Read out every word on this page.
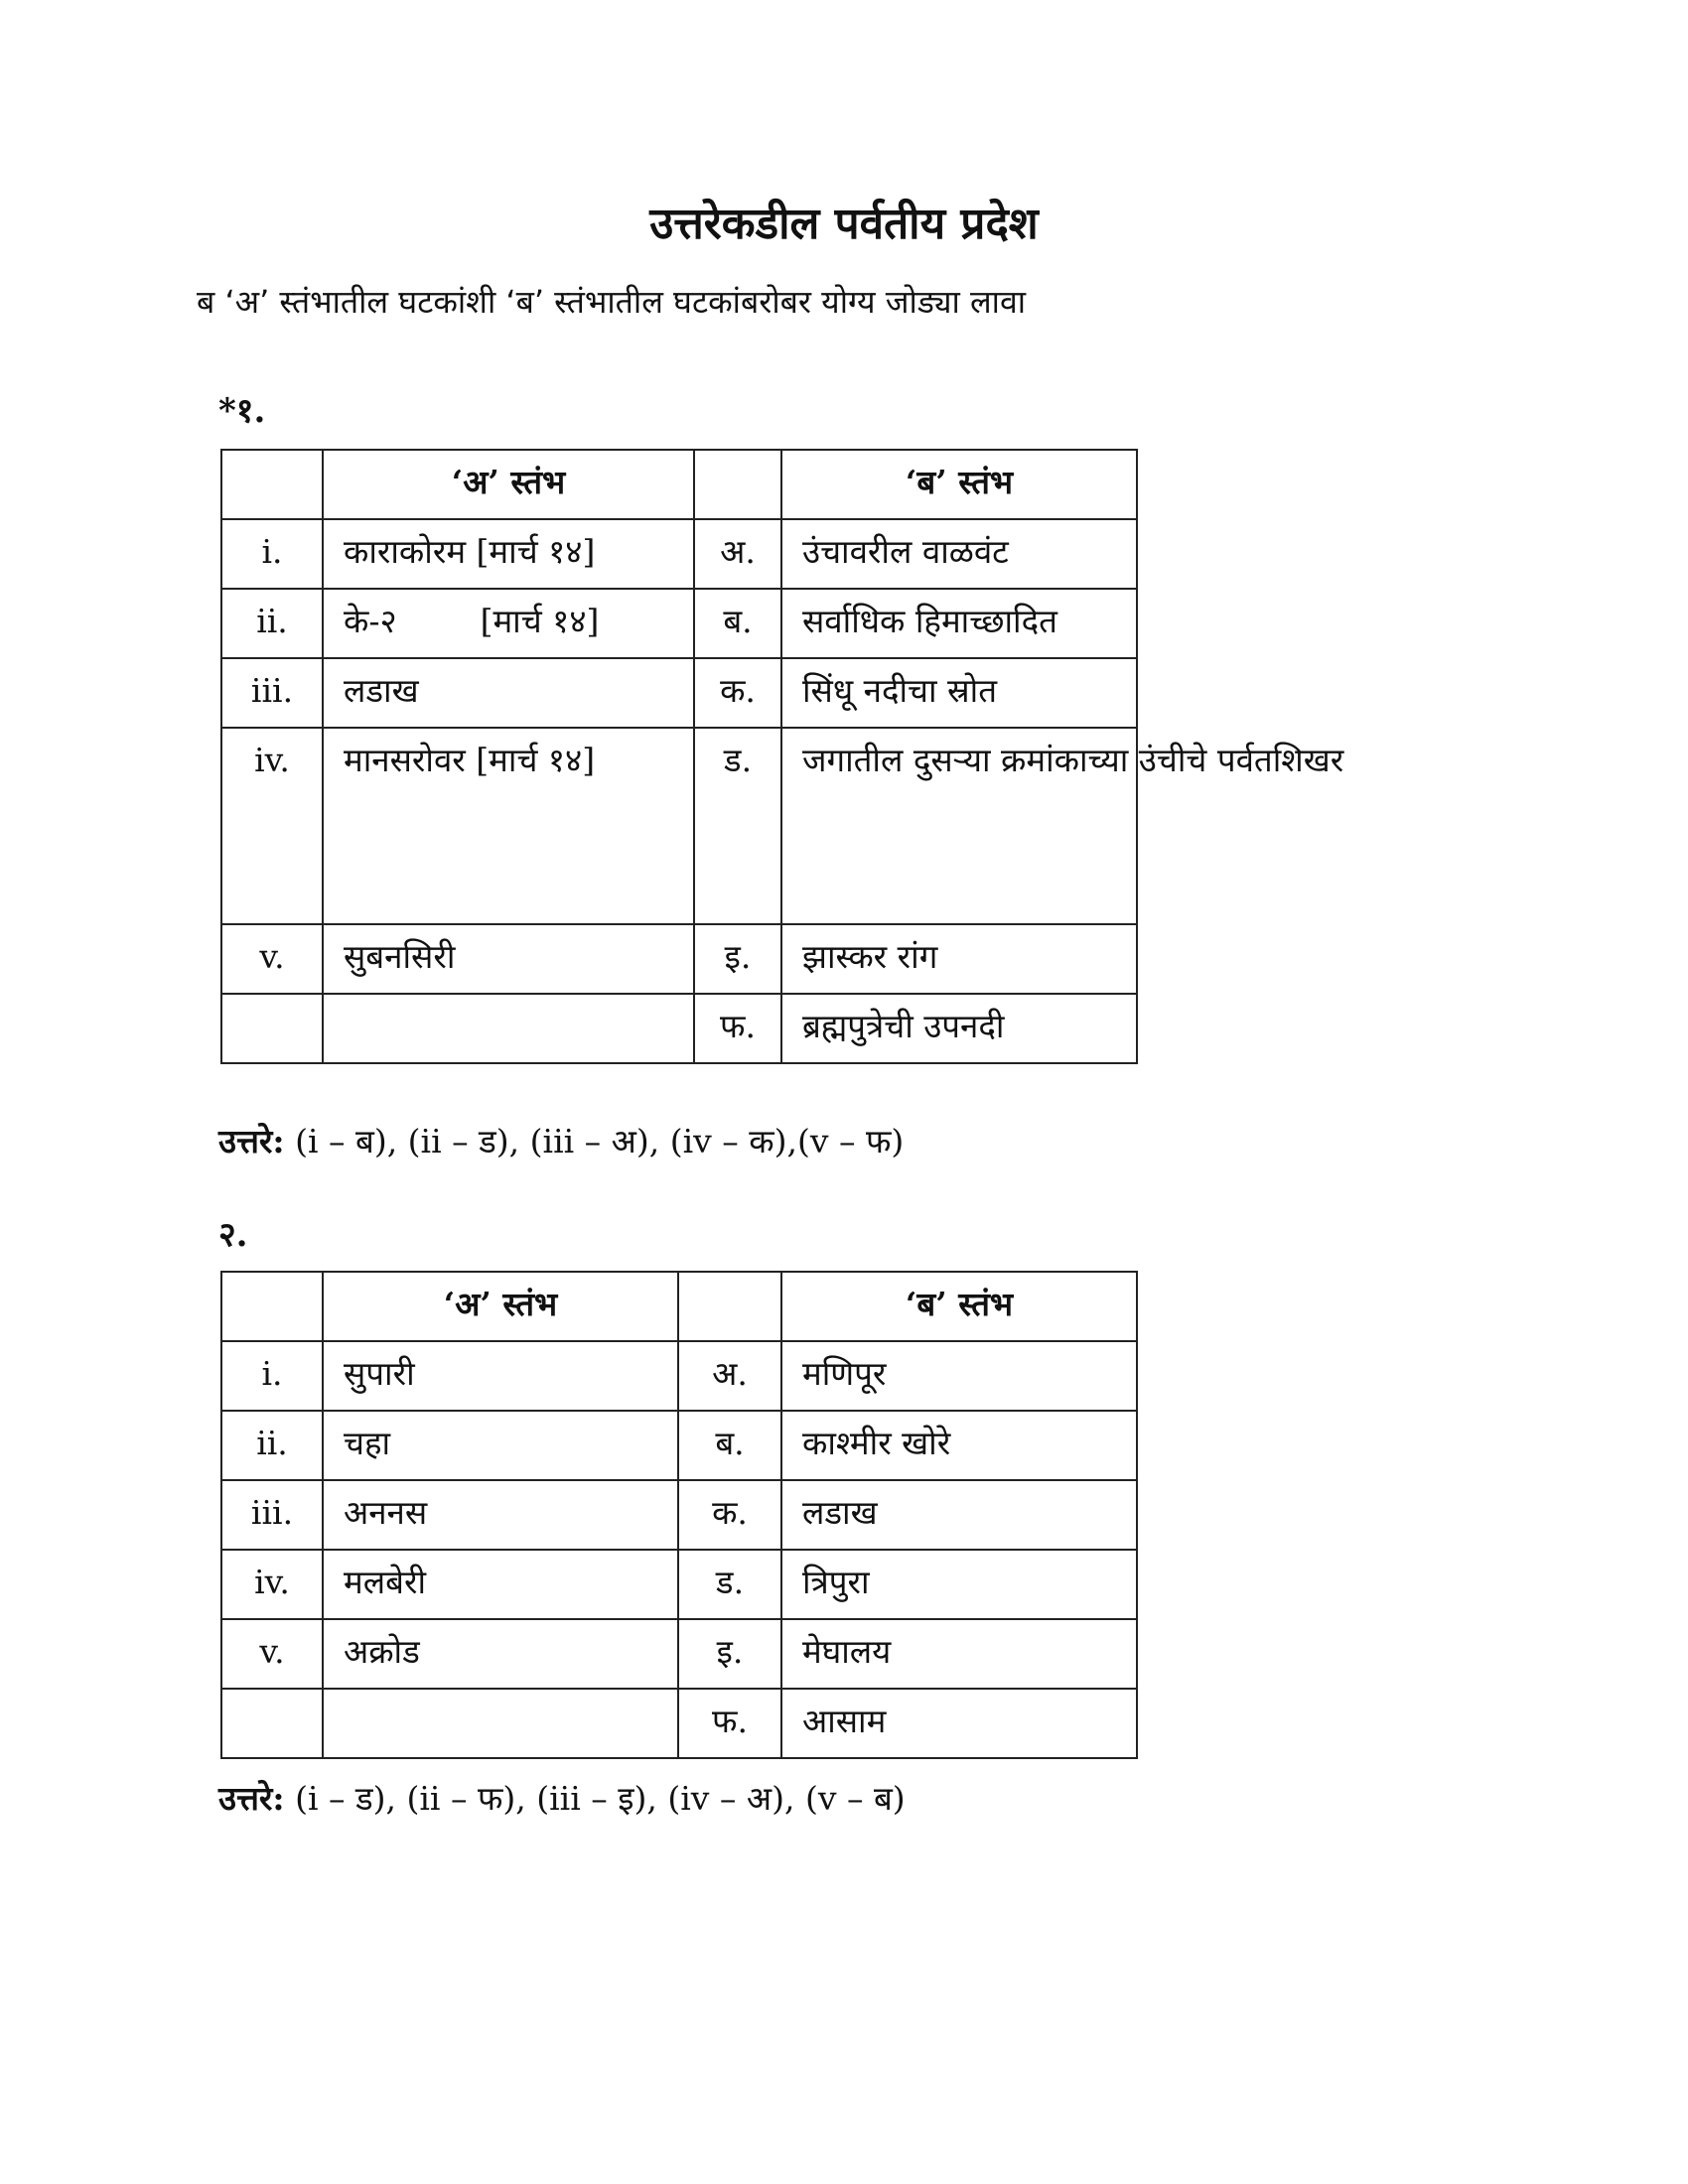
उत्तरेकडील पर्वतीय प्रदेश

ब ‘अ’ स्तंभातील घटकांशी ‘ब’ स्तंभातील घटकांबरोबर योग्य जोड्या लावा

*१.
	‘अ’ स्तंभ		‘ब’ स्तंभ
i.	काराकोरम [मार्च १४]	अ.	उंचावरील वाळवंट
ii.	के-२        [मार्च १४]	ब.	सर्वाधिक हिमाच्छादित
iii.	लडाख	क.	सिंधू नदीचा स्रोत
iv.	मानसरोवर [मार्च १४]	ड.	जगातील दुसऱ्या क्रमांकाच्या उंचीचे पर्वतशिखर
v.	सुबनसिरी	इ.	झास्कर रांग
		फ.	ब्रह्मपुत्रेची उपनदी
उत्तरे: (i – ब), (ii – ड), (iii – अ), (iv – क),(v – फ)
२.
	‘अ’ स्तंभ		‘ब’ स्तंभ
i.	सुपारी	अ.	मणिपूर
ii.	चहा	ब.	काश्मीर खोरे
iii.	अननस	क.	लडाख
iv.	मलबेरी	ड.	त्रिपुरा
v.	अक्रोड	इ.	मेघालय
		फ.	आसाम
उत्तरे: (i – ड), (ii – फ), (iii – इ), (iv – अ), (v – ब)
